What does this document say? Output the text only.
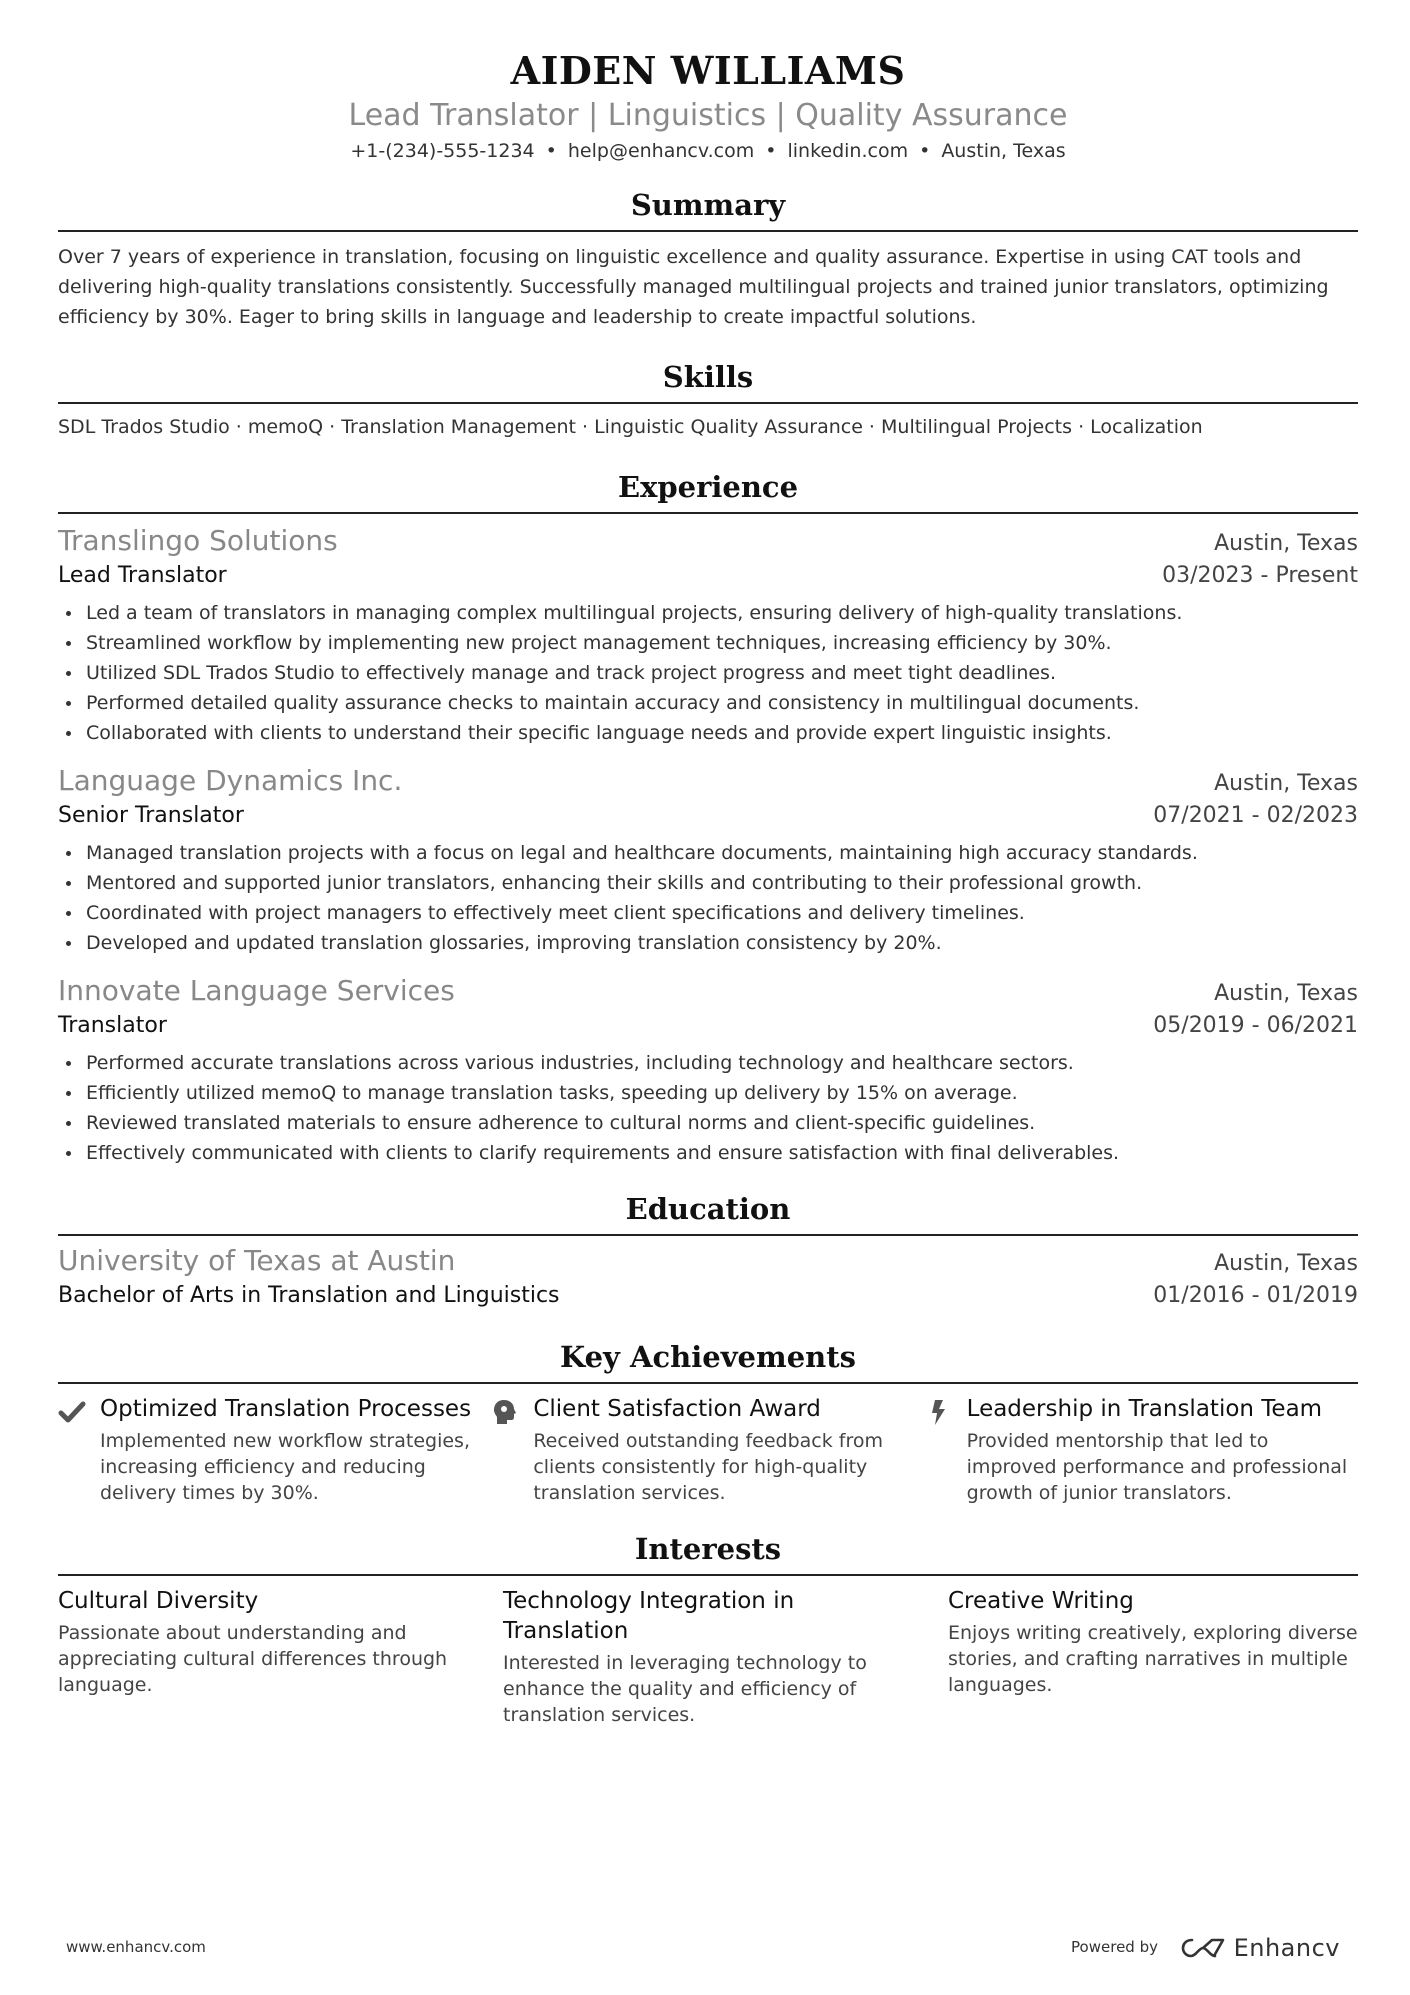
AIDEN WILLIAMS
Lead Translator | Linguistics | Quality Assurance
+1-(234)-555-1234 • help@enhancv.com • linkedin.com • Austin, Texas
Summary
Over 7 years of experience in translation, focusing on linguistic excellence and quality assurance. Expertise in using CAT tools and delivering high-quality translations consistently. Successfully managed multilingual projects and trained junior translators, optimizing efficiency by 30%. Eager to bring skills in language and leadership to create impactful solutions.
Skills
SDL Trados Studio · memoQ · Translation Management · Linguistic Quality Assurance · Multilingual Projects · Localization
Experience
Translingo Solutions	Austin, Texas
Lead Translator	03/2023 - Present
Led a team of translators in managing complex multilingual projects, ensuring delivery of high-quality translations.
Streamlined workflow by implementing new project management techniques, increasing efficiency by 30%.
Utilized SDL Trados Studio to effectively manage and track project progress and meet tight deadlines.
Performed detailed quality assurance checks to maintain accuracy and consistency in multilingual documents.
Collaborated with clients to understand their specific language needs and provide expert linguistic insights.
Language Dynamics Inc.	Austin, Texas
Senior Translator	07/2021 - 02/2023
Managed translation projects with a focus on legal and healthcare documents, maintaining high accuracy standards.
Mentored and supported junior translators, enhancing their skills and contributing to their professional growth.
Coordinated with project managers to effectively meet client specifications and delivery timelines.
Developed and updated translation glossaries, improving translation consistency by 20%.
Innovate Language Services	Austin, Texas
Translator	05/2019 - 06/2021
Performed accurate translations across various industries, including technology and healthcare sectors.
Efficiently utilized memoQ to manage translation tasks, speeding up delivery by 15% on average.
Reviewed translated materials to ensure adherence to cultural norms and client-specific guidelines.
Effectively communicated with clients to clarify requirements and ensure satisfaction with final deliverables.
Education
University of Texas at Austin	Austin, Texas
Bachelor of Arts in Translation and Linguistics	01/2016 - 01/2019
Key Achievements
Optimized Translation Processes
Implemented new workflow strategies, increasing efficiency and reducing delivery times by 30%.
Client Satisfaction Award
Received outstanding feedback from clients consistently for high-quality translation services.
Leadership in Translation Team
Provided mentorship that led to improved performance and professional growth of junior translators.
Interests
Cultural Diversity
Passionate about understanding and appreciating cultural differences through language.
Technology Integration in Translation
Interested in leveraging technology to enhance the quality and efficiency of translation services.
Creative Writing
Enjoys writing creatively, exploring diverse stories, and crafting narratives in multiple languages.
www.enhancv.com	Powered by	Enhancv
